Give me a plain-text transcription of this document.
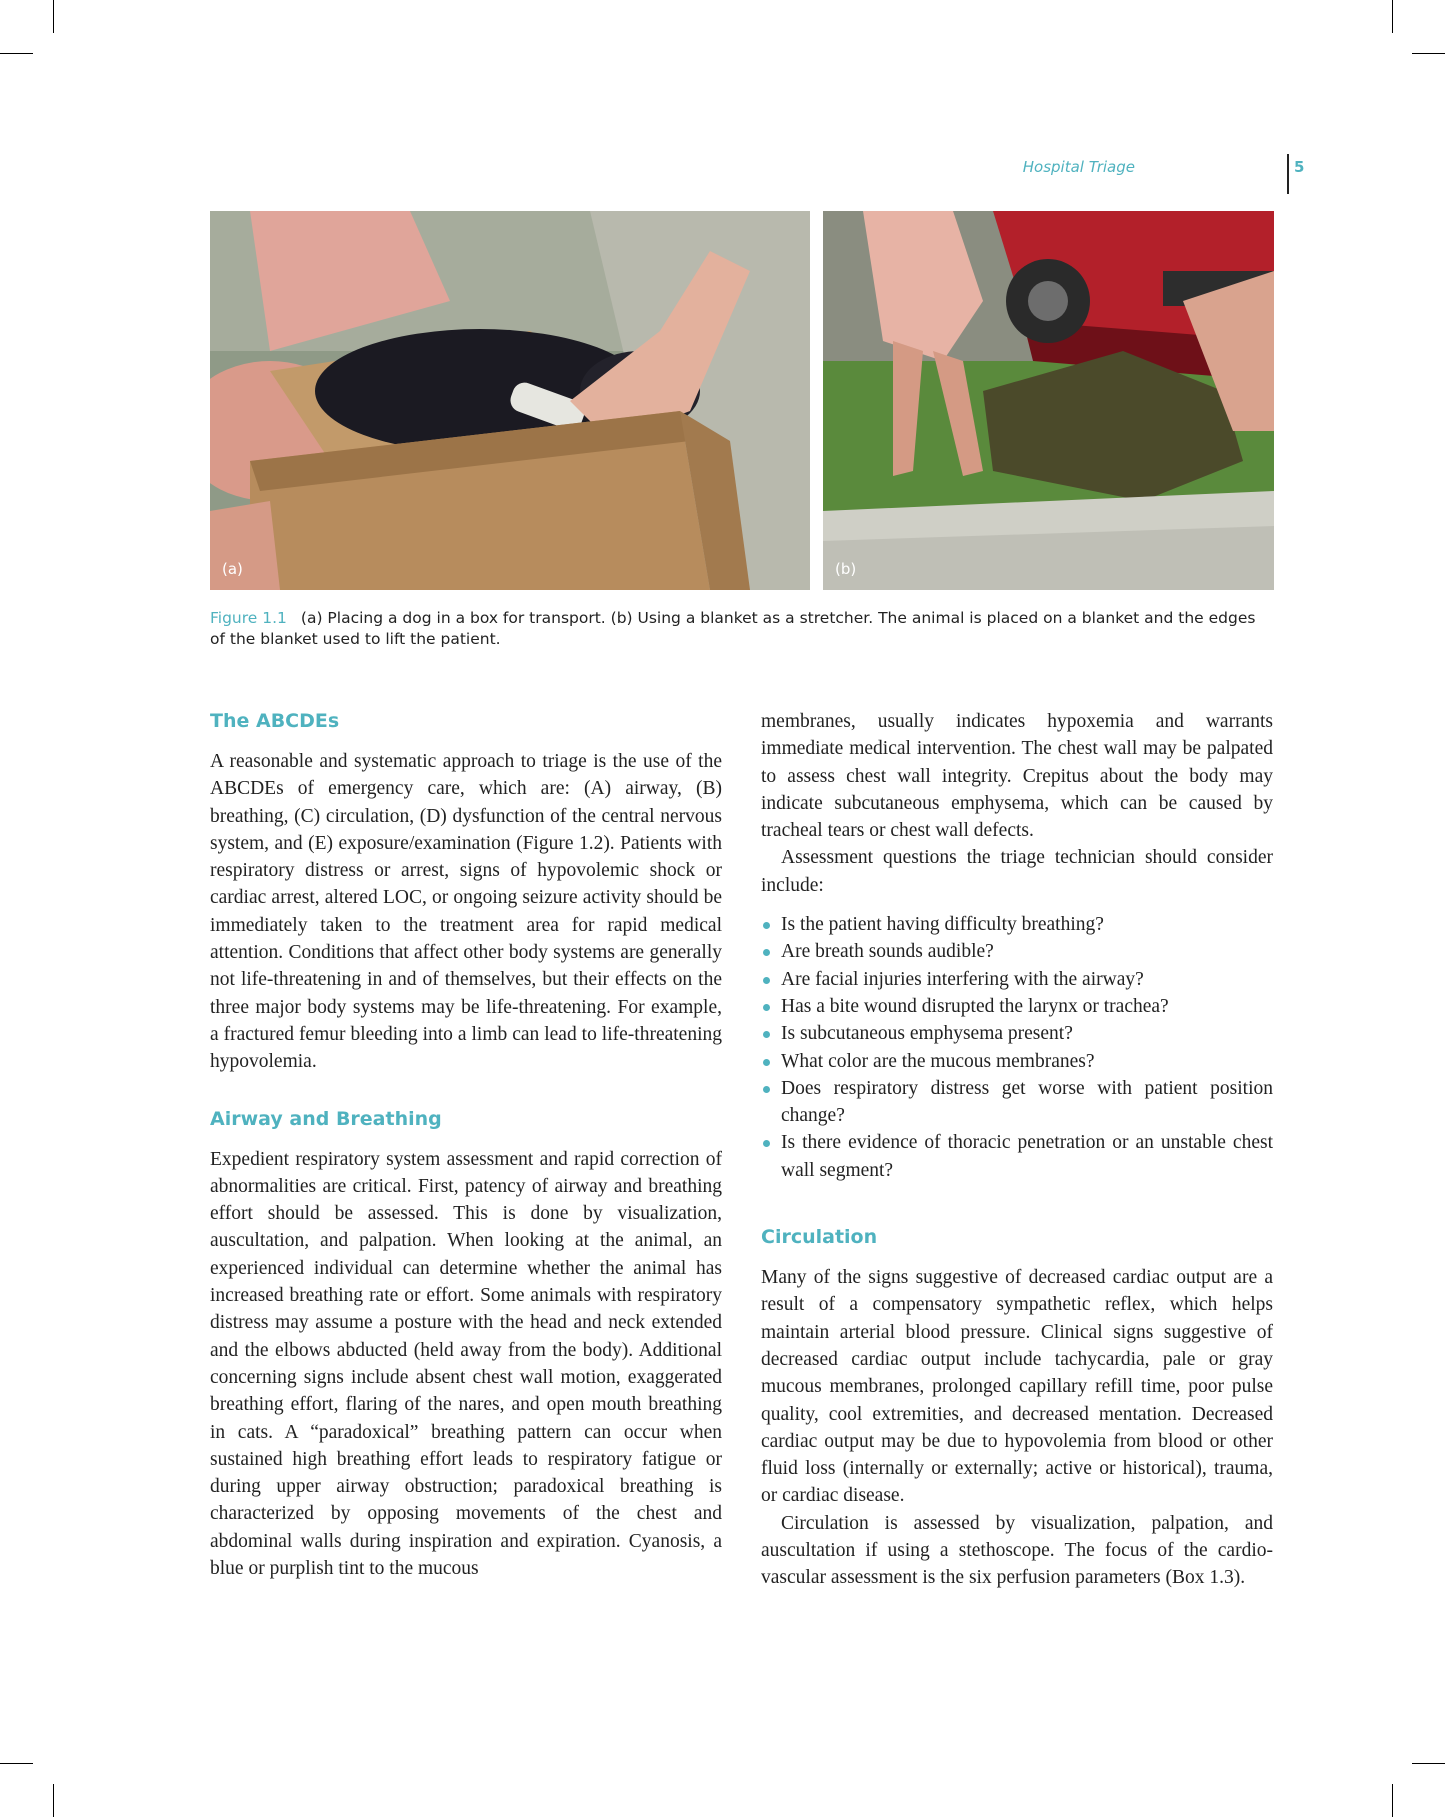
Hospital Triage	5
(a)	(b)
Figure 1.1 (a) Placing a dog in a box for transport. (b) Using a blanket as a stretcher. The animal is placed on a blanket and the edges of the blanket used to lift the patient.
The ABCDEs

A reasonable and systematic approach to triage is the use of the ABCDEs of emergency care, which are: (A) airway, (B) breathing, (C) circulation, (D) dysfunction of the central nervous system, and (E) exposure/examination (Figure 1.2). Patients with respiratory distress or arrest, signs of hypovolemic shock or cardiac arrest, altered LOC, or ongoing seizure activity should be immediately taken to the treatment area for rapid medical attention. Conditions that affect other body systems are generally not life-threatening in and of themselves, but their effects on the three major body systems may be life-threatening. For example, a fractured femur bleeding into a limb can lead to life-threatening hypovolemia.

Airway and Breathing

Expedient respiratory system assessment and rapid correction of abnormalities are critical. First, patency of airway and breathing effort should be assessed. This is done by visualization, auscultation, and palpation. When looking at the animal, an experienced individual can determine whether the animal has increased breathing rate or effort. Some animals with respiratory distress may assume a posture with the head and neck extended and the elbows abducted (held away from the body). Additional concerning signs include absent chest wall motion, exaggerated breathing effort, flaring of the nares, and open mouth breathing in cats. A “paradoxical” breathing pattern can occur when sustained high breathing effort leads to respiratory fatigue or during upper airway obstruction; paradoxical breathing is characterized by opposing movements of the chest and abdominal walls during inspiration and expiration. Cyanosis, a blue or purplish tint to the mucous

membranes, usually indicates hypoxemia and warrants immediate medical intervention. The chest wall may be palpated to assess chest wall integrity. Crepitus about the body may indicate subcutaneous emphysema, which can be caused by tracheal tears or chest wall defects.

Assessment questions the triage technician should consider include:

Is the patient having difficulty breathing?
Are breath sounds audible?
Are facial injuries interfering with the airway?
Has a bite wound disrupted the larynx or trachea?
Is subcutaneous emphysema present?
What color are the mucous membranes?
Does respiratory distress get worse with patient position change?
Is there evidence of thoracic penetration or an unstable chest wall segment?
Circulation

Many of the signs suggestive of decreased cardiac output are a result of a compensatory sympathetic reflex, which helps maintain arterial blood pressure. Clinical signs suggestive of decreased cardiac output include tachycardia, pale or gray mucous membranes, prolonged capillary refill time, poor pulse quality, cool extremities, and decreased mentation. Decreased cardiac output may be due to hypovolemia from blood or other fluid loss (internally or externally; active or historical), trauma, or cardiac disease.

Circulation is assessed by visualization, palpation, and auscultation if using a stethoscope. The focus of the cardiovascular assessment is the six perfusion parameters (Box 1.3).
